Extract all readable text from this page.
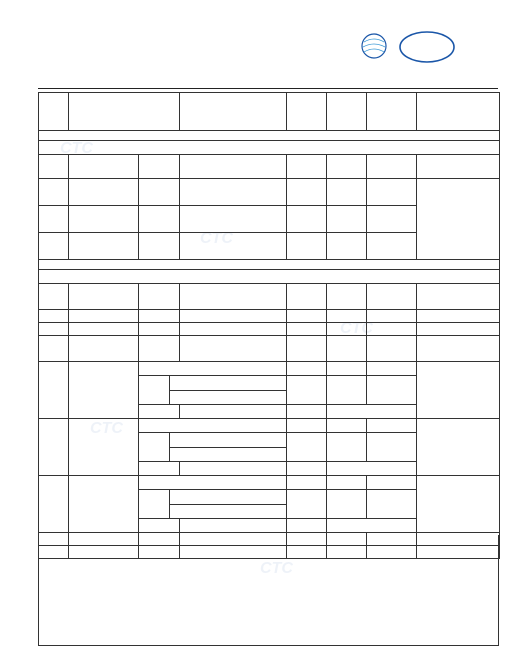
CTC
CTC
CTC
CTC
CTC
